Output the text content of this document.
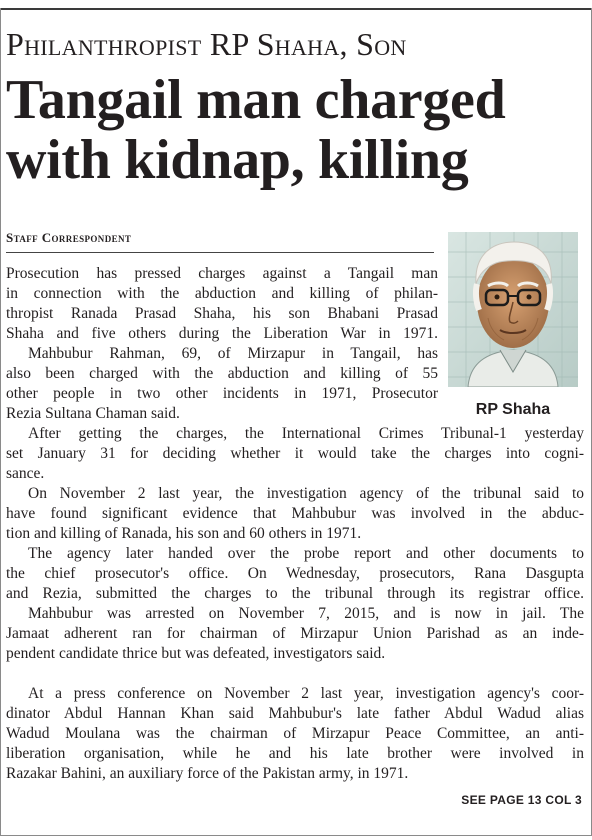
Philanthropist RP Shaha, Son
Tangail man charged
with kidnap, killing
Staff Correspondent
RP Shaha
Prosecution has pressed charges against a Tangail man
in connection with the abduction and killing of philan-
thropist Ranada Prasad Shaha, his son Bhabani Prasad
Shaha and five others during the Liberation War in 1971.
Mahbubur Rahman, 69, of Mirzapur in Tangail, has
also been charged with the abduction and killing of 55
other people in two other incidents in 1971, Prosecutor
Rezia Sultana Chaman said.
After getting the charges, the International Crimes Tribunal-1 yesterday
set January 31 for deciding whether it would take the charges into cogni-
sance.
On November 2 last year, the investigation agency of the tribunal said to
have found significant evidence that Mahbubur was involved in the abduc-
tion and killing of Ranada, his son and 60 others in 1971.
The agency later handed over the probe report and other documents to
the chief prosecutor's office. On Wednesday, prosecutors, Rana Dasgupta
and Rezia, submitted the charges to the tribunal through its registrar office.
Mahbubur was arrested on November 7, 2015, and is now in jail. The
Jamaat adherent ran for chairman of Mirzapur Union Parishad as an inde-
pendent candidate thrice but was defeated, investigators said.
At a press conference on November 2 last year, investigation agency's coor-
dinator Abdul Hannan Khan said Mahbubur's late father Abdul Wadud alias
Wadud Moulana was the chairman of Mirzapur Peace Committee, an anti-
liberation organisation, while he and his late brother were involved in
Razakar Bahini, an auxiliary force of the Pakistan army, in 1971.
SEE PAGE 13 COL 3
